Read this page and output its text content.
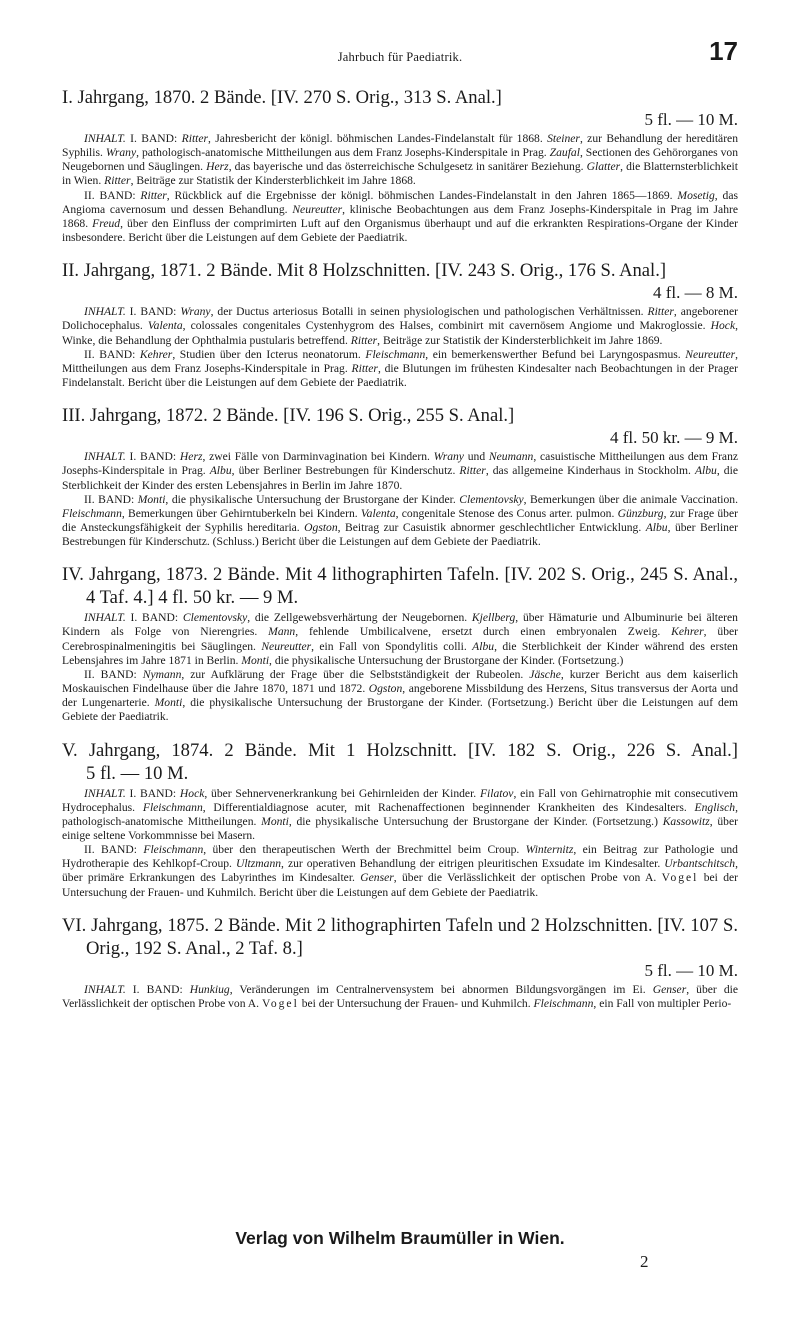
Jahrbuch für Paediatrik.	17

I. Jahrgang, 1870. 2 Bände. [IV. 270 S. Orig., 313 S. Anal.]

5 fl. — 10 M.

INHALT. I. BAND: Ritter, Jahresbericht der königl. böhmischen Landes-Findelanstalt für 1868. Steiner, zur Behandlung der hereditären Syphilis. Wrany, pathologisch-anatomische Mittheilungen aus dem Franz Josephs-Kinderspitale in Prag. Zaufal, Sectionen des Gehörorganes von Neugebornen und Säuglingen. Herz, das bayerische und das österreichische Schulgesetz in sanitärer Beziehung. Glatter, die Blatternsterblichkeit in Wien. Ritter, Beiträge zur Statistik der Kindersterblichkeit im Jahre 1868.

II. BAND: Ritter, Rückblick auf die Ergebnisse der königl. böhmischen Landes-Findelanstalt in den Jahren 1865—1869. Mosetig, das Angioma cavernosum und dessen Behandlung. Neureutter, klinische Beobachtungen aus dem Franz Josephs-Kinderspitale in Prag im Jahre 1868. Freud, über den Einfluss der comprimirten Luft auf den Organismus überhaupt und auf die erkrankten Respirations-Organe der Kinder insbesondere. Bericht über die Leistungen auf dem Gebiete der Paediatrik.

II. Jahrgang, 1871. 2 Bände. Mit 8 Holzschnitten. [IV. 243 S. Orig., 176 S. Anal.]

4 fl. — 8 M.

INHALT. I. BAND: Wrany, der Ductus arteriosus Botalli in seinen physiologischen und pathologischen Verhältnissen. Ritter, angeborener Dolichocephalus. Valenta, colossales congenitales Cystenhygrom des Halses, combinirt mit cavernösem Angiome und Makroglossie. Hock, Winke, die Behandlung der Ophthalmia pustularis betreffend. Ritter, Beiträge zur Statistik der Kindersterblichkeit im Jahre 1869.

II. BAND: Kehrer, Studien über den Icterus neonatorum. Fleischmann, ein bemerkenswerther Befund bei Laryngospasmus. Neureutter, Mittheilungen aus dem Franz Josephs-Kinderspitale in Prag. Ritter, die Blutungen im frühesten Kindesalter nach Beobachtungen in der Prager Findelanstalt. Bericht über die Leistungen auf dem Gebiete der Paediatrik.

III. Jahrgang, 1872. 2 Bände. [IV. 196 S. Orig., 255 S. Anal.]

4 fl. 50 kr. — 9 M.

INHALT. I. BAND: Herz, zwei Fälle von Darminvagination bei Kindern. Wrany und Neumann, casuistische Mittheilungen aus dem Franz Josephs-Kinderspitale in Prag. Albu, über Berliner Bestrebungen für Kinderschutz. Ritter, das allgemeine Kinderhaus in Stockholm. Albu, die Sterblichkeit der Kinder des ersten Lebensjahres in Berlin im Jahre 1870.

II. BAND: Monti, die physikalische Untersuchung der Brustorgane der Kinder. Clementovsky, Bemerkungen über die animale Vaccination. Fleischmann, Bemerkungen über Gehirntuberkeln bei Kindern. Valenta, congenitale Stenose des Conus arter. pulmon. Günzburg, zur Frage über die Ansteckungsfähigkeit der Syphilis hereditaria. Ogston, Beitrag zur Casuistik abnormer geschlechtlicher Entwicklung. Albu, über Berliner Bestrebungen für Kinderschutz. (Schluss.) Bericht über die Leistungen auf dem Gebiete der Paediatrik.

IV. Jahrgang, 1873. 2 Bände. Mit 4 lithographirten Tafeln. [IV. 202 S. Orig., 245 S. Anal., 4 Taf. 4.] 4 fl. 50 kr. — 9 M.

INHALT. I. BAND: Clementovsky, die Zellgewebsverhärtung der Neugebornen. Kjellberg, über Hämaturie und Albuminurie bei älteren Kindern als Folge von Nierengries. Mann, fehlende Umbilicalvene, ersetzt durch einen embryonalen Zweig. Kehrer, über Cerebrospinalmeningitis bei Säuglingen. Neureutter, ein Fall von Spondylitis colli. Albu, die Sterblichkeit der Kinder während des ersten Lebensjahres im Jahre 1871 in Berlin. Monti, die physikalische Untersuchung der Brustorgane der Kinder. (Fortsetzung.)

II. BAND: Nymann, zur Aufklärung der Frage über die Selbstständigkeit der Rubeolen. Jäsche, kurzer Bericht aus dem kaiserlich Moskauischen Findelhause über die Jahre 1870, 1871 und 1872. Ogston, angeborene Missbildung des Herzens, Situs transversus der Aorta und der Lungenarterie. Monti, die physikalische Untersuchung der Brustorgane der Kinder. (Fortsetzung.) Bericht über die Leistungen auf dem Gebiete der Paediatrik.

V. Jahrgang, 1874. 2 Bände. Mit 1 Holzschnitt. [IV. 182 S. Orig., 226 S. Anal.] 5 fl. — 10 M.

INHALT. I. BAND: Hock, über Sehnervenerkrankung bei Gehirnleiden der Kinder. Filatov, ein Fall von Gehirnatrophie mit consecutivem Hydrocephalus. Fleischmann, Differentialdiagnose acuter, mit Rachenaffectionen beginnender Krankheiten des Kindesalters. Englisch, pathologisch-anatomische Mittheilungen. Monti, die physikalische Untersuchung der Brustorgane der Kinder. (Fortsetzung.) Kassowitz, über einige seltene Vorkommnisse bei Masern.

II. BAND: Fleischmann, über den therapeutischen Werth der Brechmittel beim Croup. Winternitz, ein Beitrag zur Pathologie und Hydrotherapie des Kehlkopf-Croup. Ultzmann, zur operativen Behandlung der eitrigen pleuritischen Exsudate im Kindesalter. Urbantschitsch, über primäre Erkrankungen des Labyrinthes im Kindesalter. Genser, über die Verlässlichkeit der optischen Probe von A. Vogel bei der Untersuchung der Frauen- und Kuhmilch. Bericht über die Leistungen auf dem Gebiete der Paediatrik.

VI. Jahrgang, 1875. 2 Bände. Mit 2 lithographirten Tafeln und 2 Holzschnitten. [IV. 107 S. Orig., 192 S. Anal., 2 Taf. 8.]

5 fl. — 10 M.

INHALT. I. BAND: Hunkiug, Veränderungen im Centralnervensystem bei abnormen Bildungsvorgängen im Ei. Genser, über die Verlässlichkeit der optischen Probe von A. Vogel bei der Untersuchung der Frauen- und Kuhmilch. Fleischmann, ein Fall von multipler Perio-

Verlag von Wilhelm Braumüller in Wien.
2
